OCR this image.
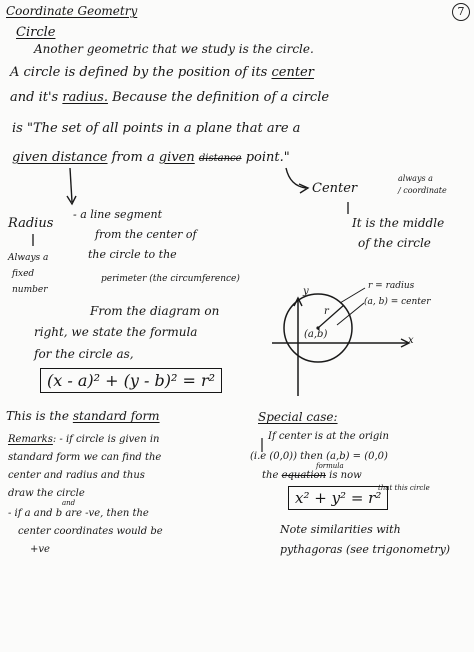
Coordinate Geometry	7
Circle
Another geometric that we study is the circle.
A circle is defined by the position of its center
and it's radius. Because the definition of a circle
is "The set of all points in a plane that are a
given distance from a given distance point."
Radius
- a line segment
from the center of
the circle to the
perimeter (the circumference)
Always a
fixed
number
Center
always a
/ coordinate
It is the middle
of the circle
y
x
r
(a,b)
r = radius
(a, b) = center
From the diagram on
right, we state the formula
for the circle as,
(x - a)² + (y - b)² = r²
This is the standard form
Remarks: - if circle is given in
standard form we can find the
center and radius and thus
draw the circle
and
- if a and b are -ve, then the
center coordinates would be
+ve
Special case:
If center is at the origin
(i.e (0,0)) then (a,b) = (0,0)
formula
the equation is now
that this circle
x² + y² = r²
Note similarities with
pythagoras (see trigonometry)
